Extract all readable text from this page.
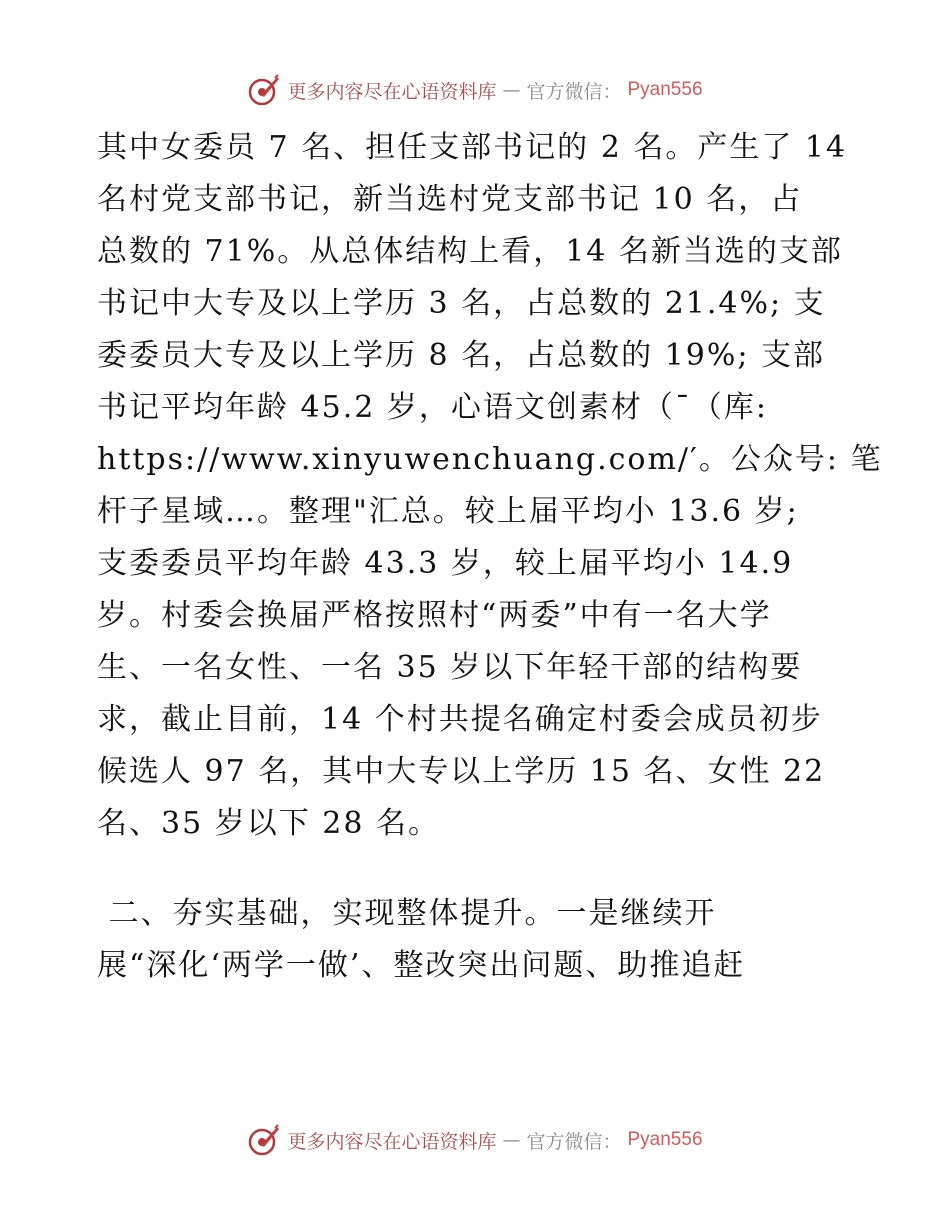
更多内容尽在心语资料库 — 官方微信： Pyan556
其中女委员 7 名、担任支部书记的 2 名。产生了 14
名村党支部书记，新当选村党支部书记 10 名，占
总数的 71%。从总体结构上看，14 名新当选的支部
书记中大专及以上学历 3 名，占总数的 21.4%; 支
委委员大专及以上学历 8 名，占总数的 19%; 支部
书记平均年龄 45.2 岁，心语文创素材（¯（库:
https://www.xinyuwenchuang.com/′。公众号: 笔
杆子星域…。整理"汇总。较上届平均小 13.6 岁;
支委委员平均年龄 43.3 岁，较上届平均小 14.9
岁。村委会换届严格按照村“两委”中有一名大学
生、一名女性、一名 35 岁以下年轻干部的结构要
求，截止目前，14 个村共提名确定村委会成员初步
候选人 97 名，其中大专以上学历 15 名、女性 22
名、35 岁以下 28 名。
二、夯实基础，实现整体提升。一是继续开
展“深化‘两学一做’、整改突出问题、助推追赶
更多内容尽在心语资料库 — 官方微信： Pyan556
